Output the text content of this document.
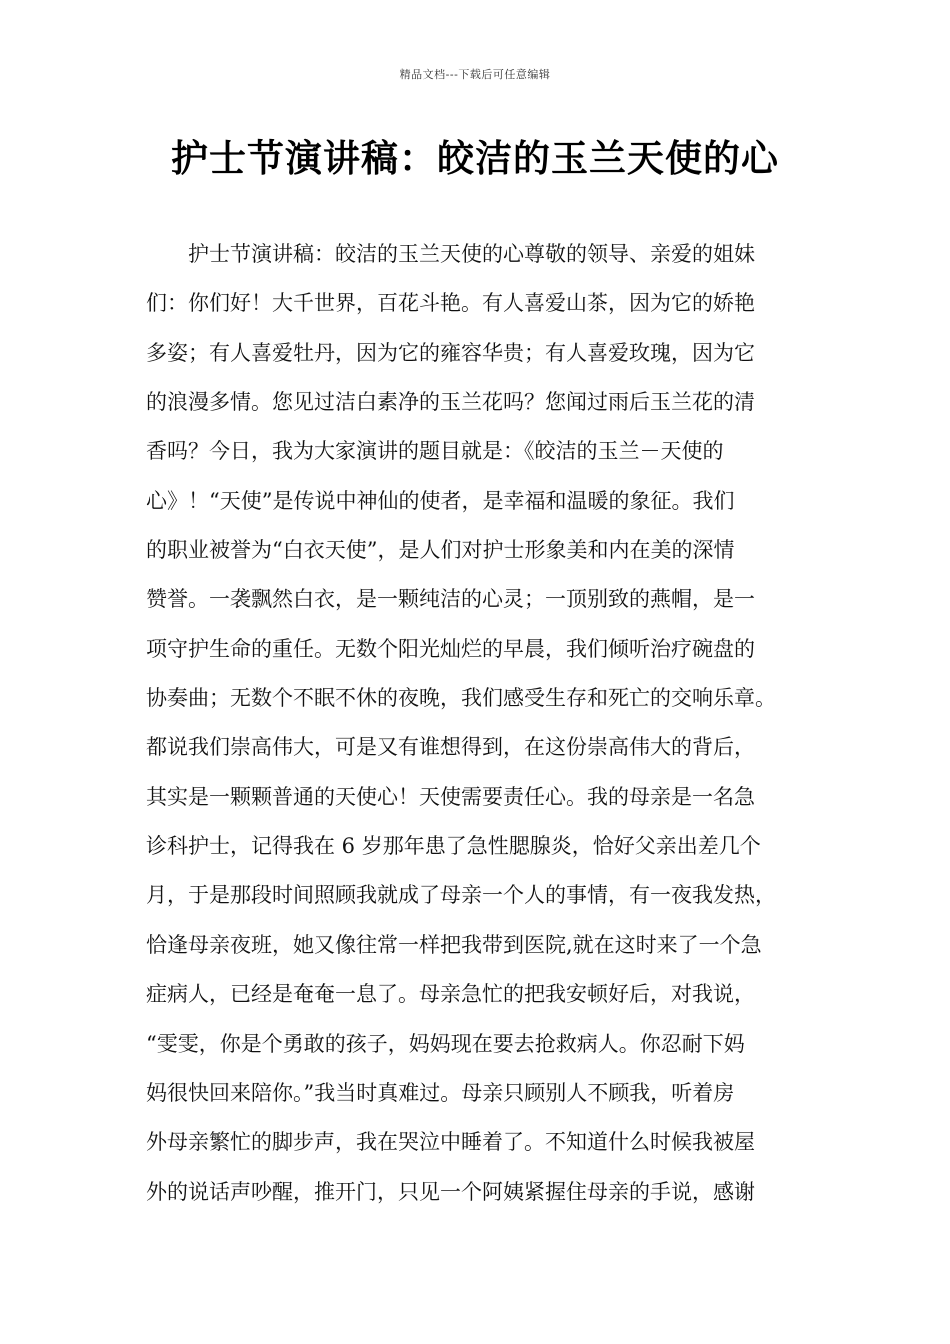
精品文档---下载后可任意编辑
护士节演讲稿：皎洁的玉兰天使的心
护士节演讲稿：皎洁的玉兰天使的心尊敬的领导、亲爱的姐妹
们：你们好！大千世界，百花斗艳。有人喜爱山茶，因为它的娇艳
多姿；有人喜爱牡丹，因为它的雍容华贵；有人喜爱玫瑰，因为它
的浪漫多情。您见过洁白素净的玉兰花吗？您闻过雨后玉兰花的清
香吗？今日，我为大家演讲的题目就是：《皎洁的玉兰－天使的
心》！“天使”是传说中神仙的使者，是幸福和温暖的象征。我们
的职业被誉为“白衣天使”，是人们对护士形象美和内在美的深情
赞誉。一袭飘然白衣，是一颗纯洁的心灵；一顶别致的燕帽，是一
项守护生命的重任。无数个阳光灿烂的早晨，我们倾听治疗碗盘的
协奏曲；无数个不眠不休的夜晚，我们感受生存和死亡的交响乐章。
都说我们崇高伟大，可是又有谁想得到，在这份崇高伟大的背后，
其实是一颗颗普通的天使心！天使需要责任心。我的母亲是一名急
诊科护士，记得我在 6 岁那年患了急性腮腺炎，恰好父亲出差几个
月，于是那段时间照顾我就成了母亲一个人的事情，有一夜我发热，
恰逢母亲夜班，她又像往常一样把我带到医院,就在这时来了一个急
症病人，已经是奄奄一息了。母亲急忙的把我安顿好后，对我说，
“雯雯，你是个勇敢的孩子，妈妈现在要去抢救病人。你忍耐下妈
妈很快回来陪你。”我当时真难过。母亲只顾别人不顾我，听着房
外母亲繁忙的脚步声，我在哭泣中睡着了。不知道什么时候我被屋
外的说话声吵醒，推开门，只见一个阿姨紧握住母亲的手说，感谢
